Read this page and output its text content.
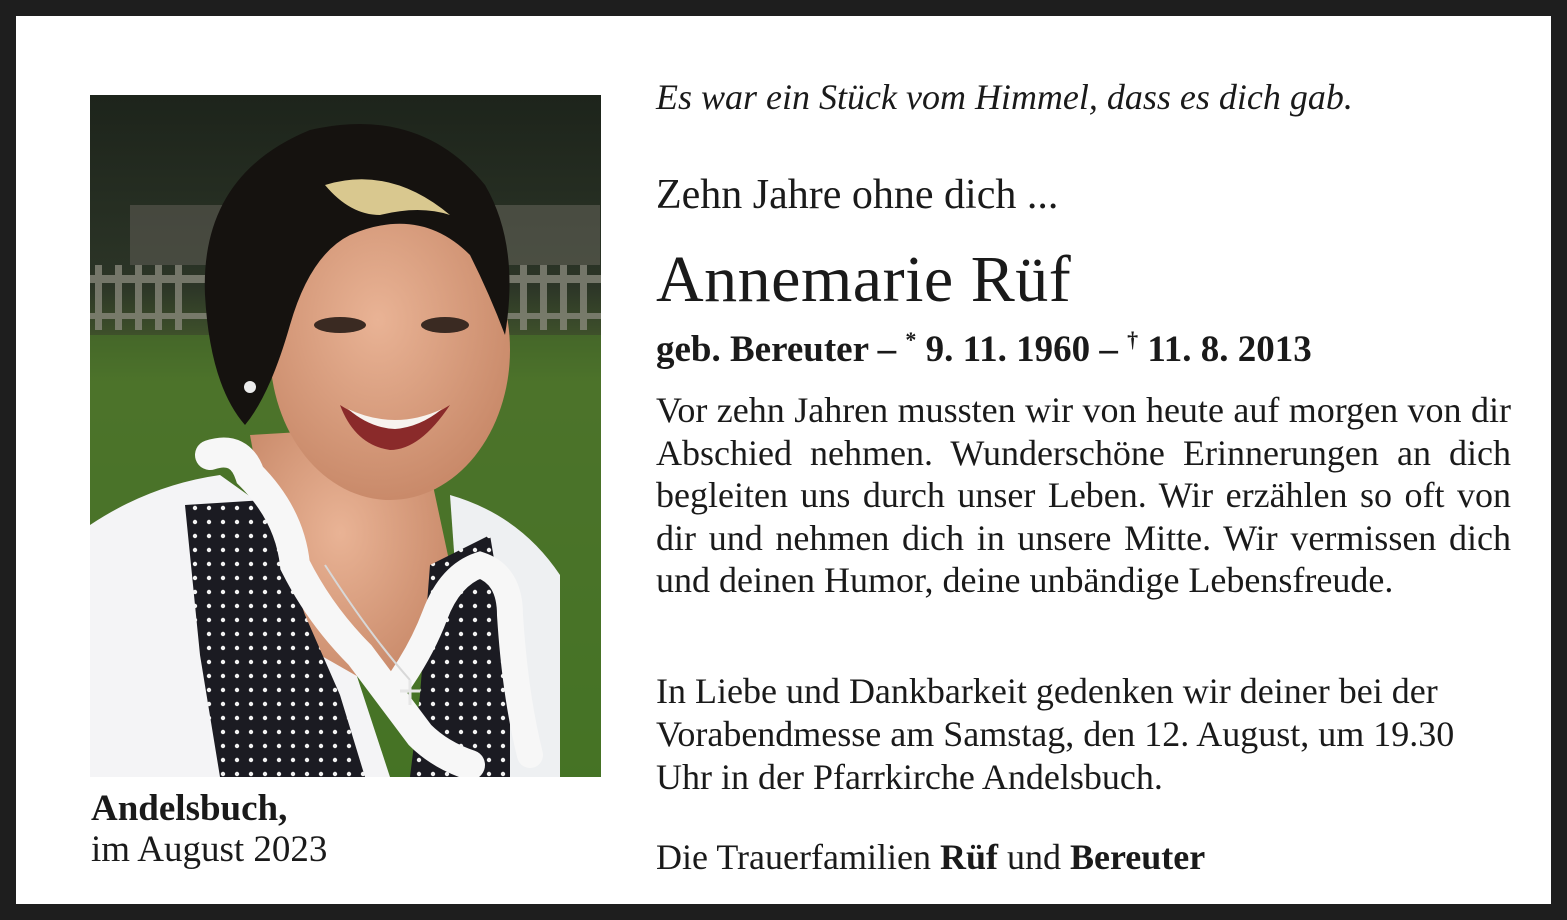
Andelsbuch,
im August 2023
Es war ein Stück vom Himmel, dass es dich gab.
Zehn Jahre ohne dich ...
Annemarie Rüf
geb. Bereuter – * 9. 11. 1960 – † 11. 8. 2013
Vor zehn Jahren mussten wir von heute auf morgen von dir Abschied nehmen. Wunderschöne Erinnerungen an dich begleiten uns durch unser Leben. Wir erzählen so oft von dir und nehmen dich in unsere Mitte. Wir vermissen dich und deinen Humor, deine unbändige Lebensfreude.
In Liebe und Dankbarkeit gedenken wir deiner bei der Vorabendmesse am Samstag, den 12. August, um 19.30 Uhr in der Pfarrkirche Andelsbuch.
Die Trauerfamilien Rüf und Bereuter
